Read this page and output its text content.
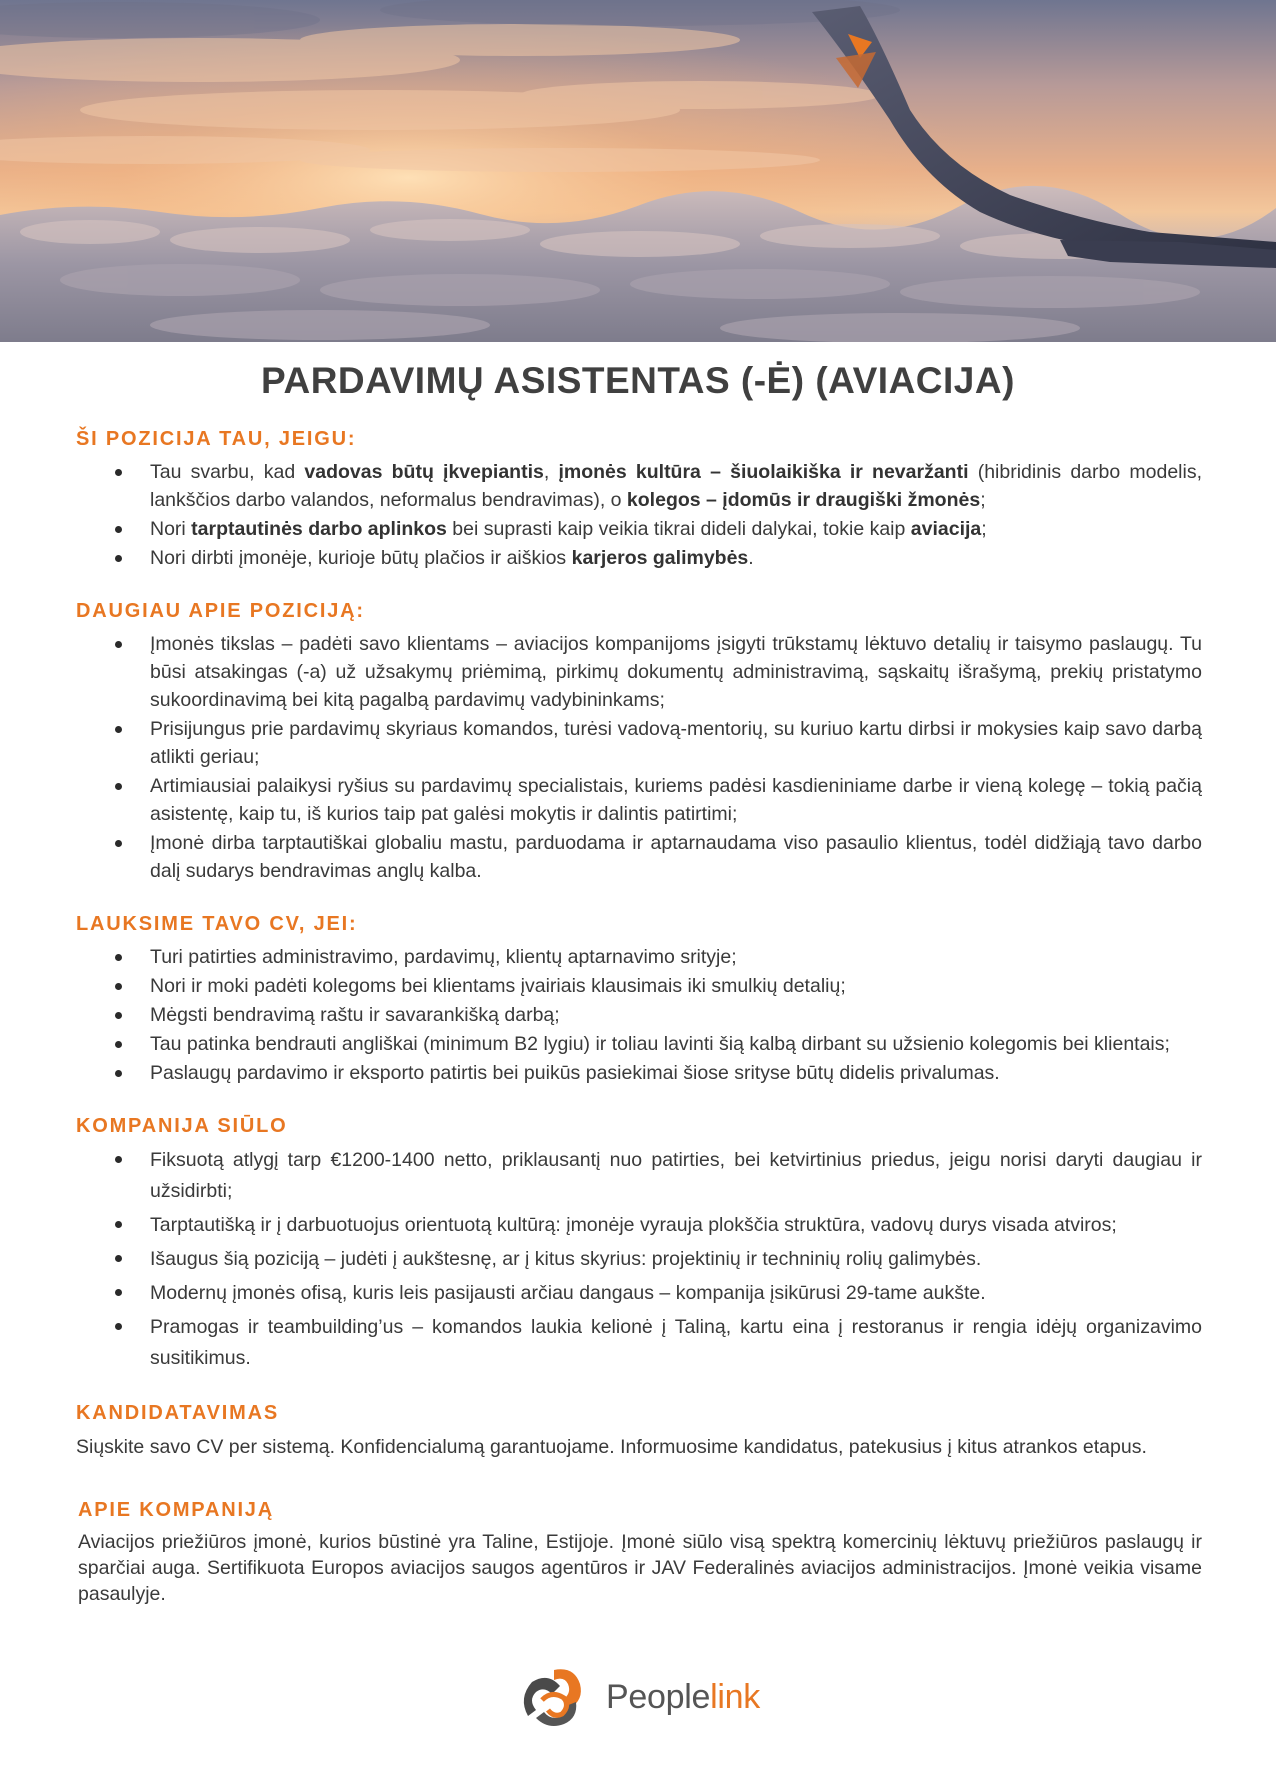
PARDAVIMŲ ASISTENTAS (-Ė) (AVIACIJA)
ŠI POZICIJA TAU, JEIGU:
Tau svarbu, kad vadovas būtų įkvepiantis, įmonės kultūra – šiuolaikiška ir nevaržanti (hibridinis darbo modelis, lankščios darbo valandos, neformalus bendravimas), o kolegos – įdomūs ir draugiški žmonės;
Nori tarptautinės darbo aplinkos bei suprasti kaip veikia tikrai dideli dalykai, tokie kaip aviacija;
Nori dirbti įmonėje, kurioje būtų plačios ir aiškios karjeros galimybės.
DAUGIAU APIE POZICIJĄ:
Įmonės tikslas – padėti savo klientams – aviacijos kompanijoms įsigyti trūkstamų lėktuvo detalių ir taisymo paslaugų. Tu būsi atsakingas (-a) už užsakymų priėmimą, pirkimų dokumentų administravimą, sąskaitų išrašymą, prekių pristatymo sukoordinavimą bei kitą pagalbą pardavimų vadybininkams;
Prisijungus prie pardavimų skyriaus komandos, turėsi vadovą-mentorių, su kuriuo kartu dirbsi ir mokysies kaip savo darbą atlikti geriau;
Artimiausiai palaikysi ryšius su pardavimų specialistais, kuriems padėsi kasdieniniame darbe ir vieną kolegę – tokią pačią asistentę, kaip tu, iš kurios taip pat galėsi mokytis ir dalintis patirtimi;
Įmonė dirba tarptautiškai globaliu mastu, parduodama ir aptarnaudama viso pasaulio klientus, todėl didžiąją tavo darbo dalį sudarys bendravimas anglų kalba.
LAUKSIME TAVO CV, JEI:
Turi patirties administravimo, pardavimų, klientų aptarnavimo srityje;
Nori ir moki padėti kolegoms bei klientams įvairiais klausimais iki smulkių detalių;
Mėgsti bendravimą raštu ir savarankišką darbą;
Tau patinka bendrauti angliškai (minimum B2 lygiu) ir toliau lavinti šią kalbą dirbant su užsienio kolegomis bei klientais;
Paslaugų pardavimo ir eksporto patirtis bei puikūs pasiekimai šiose srityse būtų didelis privalumas.
KOMPANIJA SIŪLO
Fiksuotą atlygį tarp €1200-1400 netto, priklausantį nuo patirties, bei ketvirtinius priedus, jeigu norisi daryti daugiau ir užsidirbti;
Tarptautišką ir į darbuotuojus orientuotą kultūrą: įmonėje vyrauja plokščia struktūra, vadovų durys visada atviros;
Išaugus šią poziciją – judėti į aukštesnę, ar į kitus skyrius: projektinių ir techninių rolių galimybės.
Modernų įmonės ofisą, kuris leis pasijausti arčiau dangaus – kompanija įsikūrusi 29-tame aukšte.
Pramogas ir teambuilding’us – komandos laukia kelionė į Taliną, kartu eina į restoranus ir rengia idėjų organizavimo susitikimus.
KANDIDATAVIMAS

Siųskite savo CV per sistemą. Konfidencialumą garantuojame. Informuosime kandidatus, patekusius į kitus atrankos etapus.

APIE KOMPANIJĄ

Aviacijos priežiūros įmonė, kurios būstinė yra Taline, Estijoje. Įmonė siūlo visą spektrą komercinių lėktuvų priežiūros paslaugų ir sparčiai auga. Sertifikuota Europos aviacijos saugos agentūros ir JAV Federalinės aviacijos administracijos. Įmonė veikia visame pasaulyje.

Peoplelink
